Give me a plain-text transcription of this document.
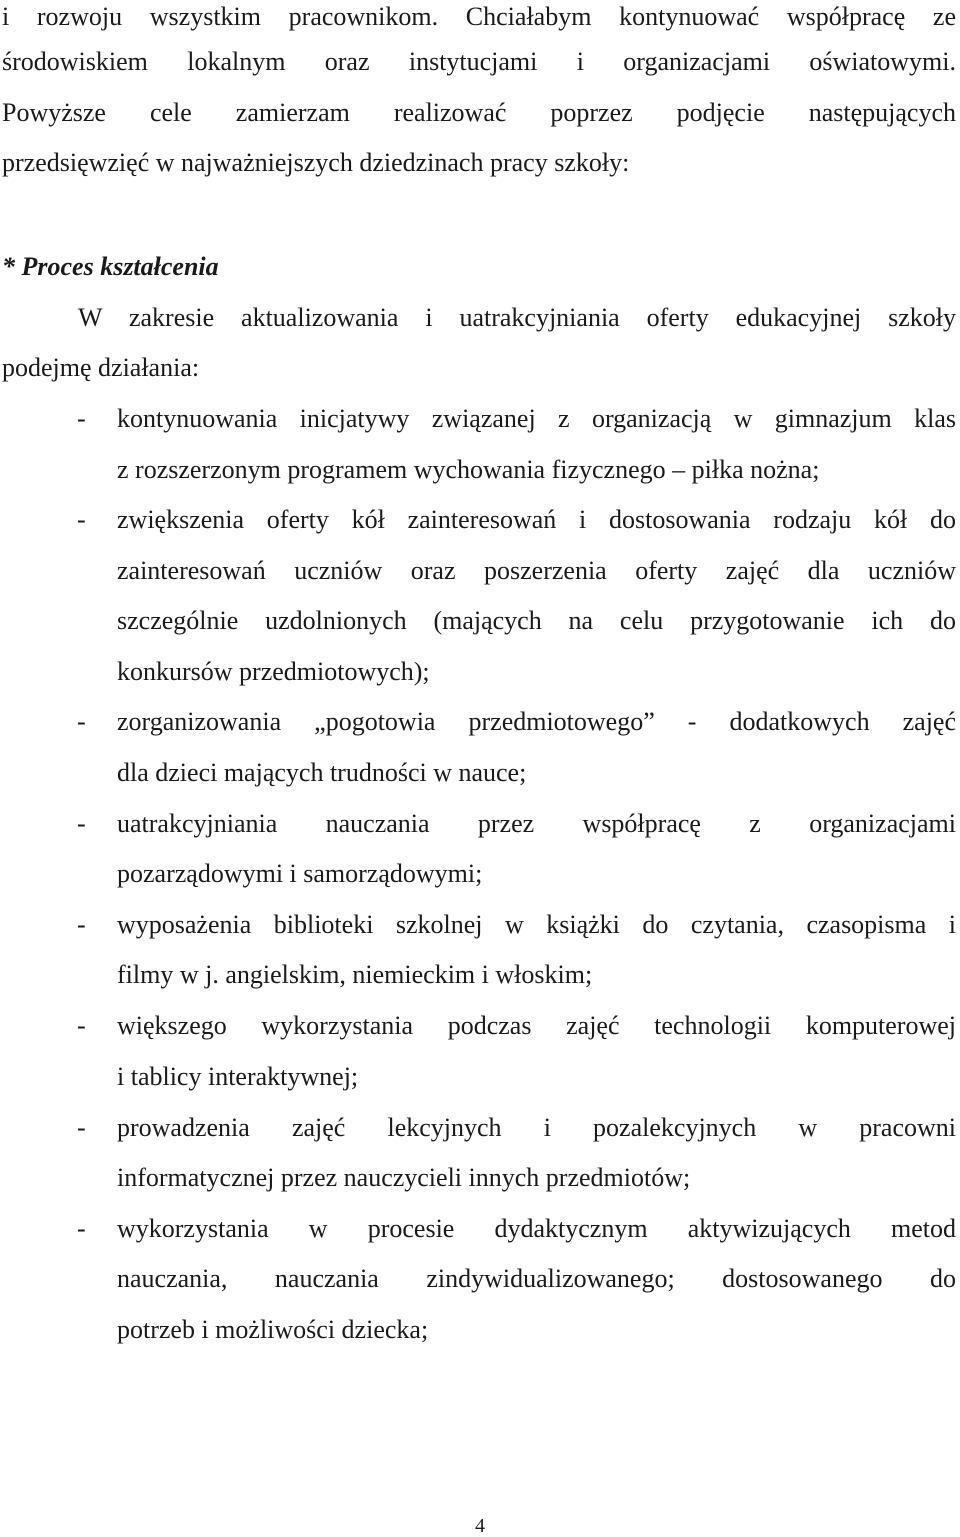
i rozwoju wszystkim pracownikom. Chciałabym kontynuować współpracę ze
środowiskiem lokalnym oraz instytucjami i organizacjami oświatowymi.
Powyższe cele zamierzam realizować poprzez podjęcie następujących
przedsięwzięć w najważniejszych dziedzinach pracy szkoły:
* Proces kształcenia
W zakresie aktualizowania i uatrakcyjniania oferty edukacyjnej szkoły
podejmę działania:
-	kontynuowania inicjatywy związanej z organizacją w gimnazjum klas
z rozszerzonym programem wychowania fizycznego – piłka nożna;
-	zwiększenia oferty kół zainteresowań i dostosowania rodzaju kół do
zainteresowań uczniów oraz poszerzenia oferty zajęć dla uczniów
szczególnie uzdolnionych (mających na celu przygotowanie ich do
konkursów przedmiotowych);
-	zorganizowania „pogotowia przedmiotowego” - dodatkowych zajęć
dla dzieci mających trudności w nauce;
-	uatrakcyjniania nauczania przez współpracę z organizacjami
pozarządowymi i samorządowymi;
-	wyposażenia biblioteki szkolnej w książki do czytania, czasopisma i
filmy w j. angielskim, niemieckim i włoskim;
-	większego wykorzystania podczas zajęć technologii komputerowej
i tablicy interaktywnej;
-	prowadzenia zajęć lekcyjnych i pozalekcyjnych w pracowni
informatycznej przez nauczycieli innych przedmiotów;
-	wykorzystania w procesie dydaktycznym aktywizujących metod
nauczania, nauczania zindywidualizowanego; dostosowanego do
potrzeb i możliwości dziecka;
4
